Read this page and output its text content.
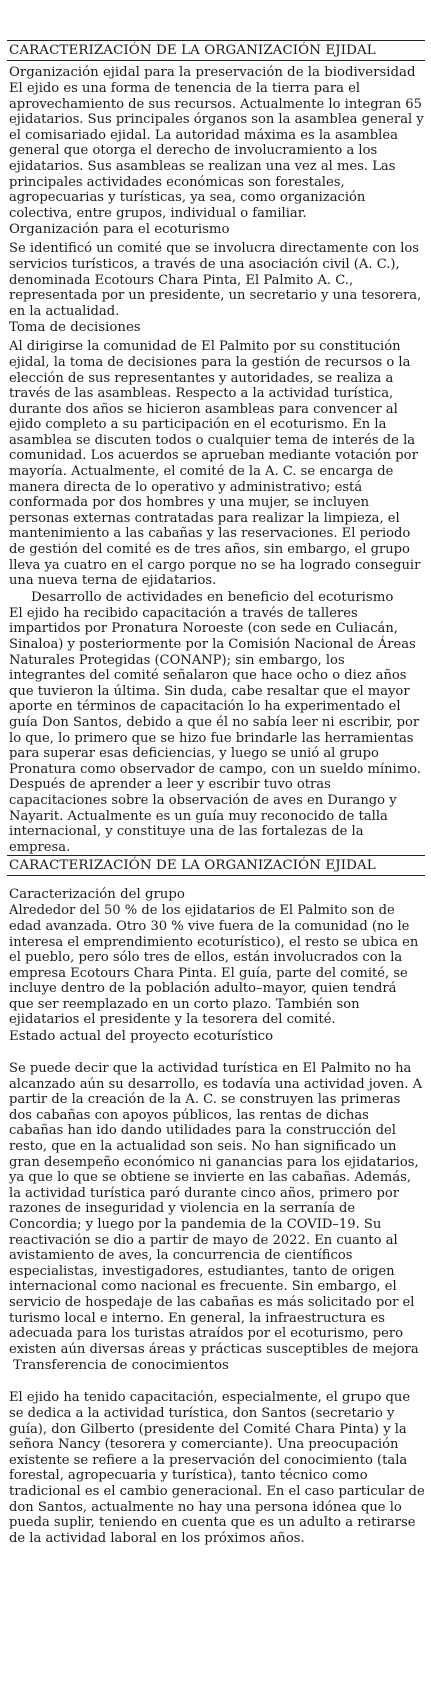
CARACTERIZACIÓN DE LA ORGANIZACIÓN EJIDAL
Organización ejidal para la preservación de la biodiversidad

El ejido es una forma de tenencia de la tierra para el aprovechamiento de sus recursos. Actualmente lo integran 65 ejidatarios. Sus principales órganos son la asamblea general y el comisariado ejidal. La autoridad máxima es la asamblea general que otorga el derecho de involucramiento a los ejidatarios. Sus asambleas se realizan una vez al mes. Las principales actividades económicas son forestales, agropecuarias y turísticas, ya sea, como organización colectiva, entre grupos, individual o familiar.

Organización para el ecoturismo

Se identificó un comité que se involucra directamente con los servicios turísticos, a través de una asociación civil (A. C.), denominada Ecotours Chara Pinta, El Palmito A. C., representada por un presidente, un secretario y una tesorera, en la actualidad.

Toma de decisiones

Al dirigirse la comunidad de El Palmito por su constitución ejidal, la toma de decisiones para la gestión de recursos o la elección de sus representantes y autoridades, se realiza a través de las asambleas. Respecto a la actividad turística, durante dos años se hicieron asambleas para convencer al ejido completo a su participación en el ecoturismo. En la asamblea se discuten todos o cualquier tema de interés de la comunidad. Los acuerdos se aprueban mediante votación por mayoría. Actualmente, el comité de la A. C. se encarga de manera directa de lo operativo y administrativo; está conformada por dos hombres y una mujer, se incluyen personas externas contratadas para realizar la limpieza, el mantenimiento a las cabañas y las reservaciones. El periodo de gestión del comité es de tres años, sin embargo, el grupo lleva ya cuatro en el cargo porque no se ha logrado conseguir una nueva terna de ejidatarios.

Desarrollo de actividades en beneficio del ecoturismo

El ejido ha recibido capacitación a través de talleres impartidos por Pronatura Noroeste (con sede en Culiacán, Sinaloa) y posteriormente por la Comisión Nacional de Áreas Naturales Protegidas (CONANP); sin embargo, los integrantes del comité señalaron que hace ocho o diez años que tuvieron la última. Sin duda, cabe resaltar que el mayor aporte en términos de capacitación lo ha experimentado el guía Don Santos, debido a que él no sabía leer ni escribir, por lo que, lo primero que se hizo fue brindarle las herramientas para superar esas deficiencias, y luego se unió al grupo Pronatura como observador de campo, con un sueldo mínimo. Después de aprender a leer y escribir tuvo otras capacitaciones sobre la observación de aves en Durango y Nayarit. Actualmente es un guía muy reconocido de talla internacional, y constituye una de las fortalezas de la empresa.

CARACTERIZACIÓN DE LA ORGANIZACIÓN EJIDAL
Caracterización del grupo

Alrededor del 50 % de los ejidatarios de El Palmito son de edad avanzada. Otro 30 % vive fuera de la comunidad (no le interesa el emprendimiento ecoturístico), el resto se ubica en el pueblo, pero sólo tres de ellos, están involucrados con la empresa Ecotours Chara Pinta. El guía, parte del comité, se incluye dentro de la población adulto–mayor, quien tendrá que ser reemplazado en un corto plazo. También son ejidatarios el presidente y la tesorera del comité.

Estado actual del proyecto ecoturístico

Se puede decir que la actividad turística en El Palmito no ha alcanzado aún su desarrollo, es todavía una actividad joven. A partir de la creación de la A. C. se construyen las primeras dos cabañas con apoyos públicos, las rentas de dichas cabañas han ido dando utilidades para la construcción del resto, que en la actualidad son seis. No han significado un gran desempeño económico ni ganancias para los ejidatarios, ya que lo que se obtiene se invierte en las cabañas. Además, la actividad turística paró durante cinco años, primero por razones de inseguridad y violencia en la serranía de Concordia; y luego por la pandemia de la COVID–19. Su reactivación se dio a partir de mayo de 2022. En cuanto al avistamiento de aves, la concurrencia de científicos especialistas, investigadores, estudiantes, tanto de origen internacional como nacional es frecuente. Sin embargo, el servicio de hospedaje de las cabañas es más solicitado por el turismo local e interno. En general, la infraestructura es adecuada para los turistas atraídos por el ecoturismo, pero existen aún diversas áreas y prácticas susceptibles de mejora

Transferencia de conocimientos

El ejido ha tenido capacitación, especialmente, el grupo que se dedica a la actividad turística, don Santos (secretario y guía), don Gilberto (presidente del Comité Chara Pinta) y la señora Nancy (tesorera y comerciante). Una preocupación existente se refiere a la preservación del conocimiento (tala forestal, agropecuaria y turística), tanto técnico como tradicional es el cambio generacional. En el caso particular de don Santos, actualmente no hay una persona idónea que lo pueda suplir, teniendo en cuenta que es un adulto a retirarse de la actividad laboral en los próximos años.
